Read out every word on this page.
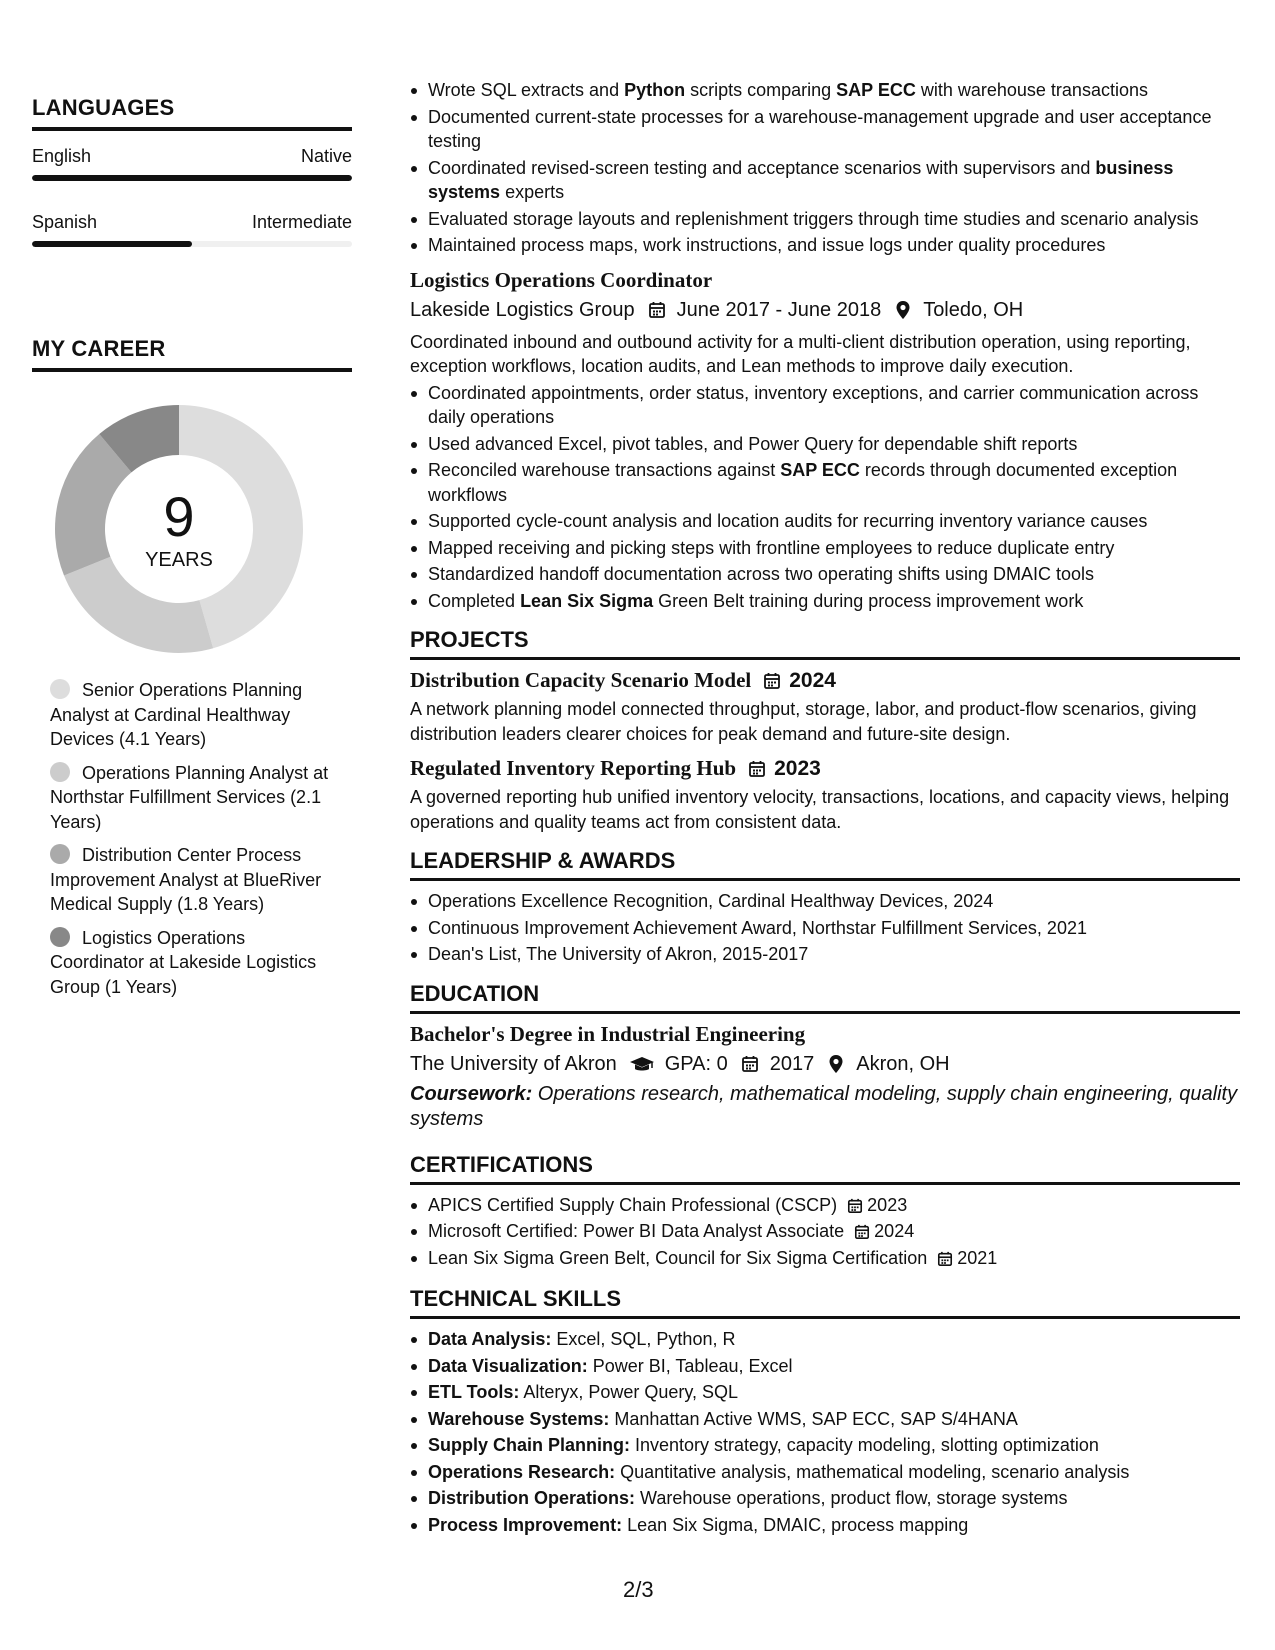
LANGUAGES
English	Native
Spanish	Intermediate
MY CAREER
9
YEARS
Senior Operations Planning Analyst at Cardinal Healthway Devices (4.1 Years)
Operations Planning Analyst at Northstar Fulfillment Services (2.1 Years)
Distribution Center Process Improvement Analyst at BlueRiver Medical Supply (1.8 Years)
Logistics Operations Coordinator at Lakeside Logistics Group (1 Years)
Wrote SQL extracts and Python scripts comparing SAP ECC with warehouse transactions
Documented current-state processes for a warehouse-management upgrade and user acceptance testing
Coordinated revised-screen testing and acceptance scenarios with supervisors and business systems experts
Evaluated storage layouts and replenishment triggers through time studies and scenario analysis
Maintained process maps, work instructions, and issue logs under quality procedures
Logistics Operations Coordinator
Lakeside Logistics Group June 2017 - June 2018 Toledo, OH
Coordinated inbound and outbound activity for a multi-client distribution operation, using reporting, exception workflows, location audits, and Lean methods to improve daily execution.
Coordinated appointments, order status, inventory exceptions, and carrier communication across daily operations
Used advanced Excel, pivot tables, and Power Query for dependable shift reports
Reconciled warehouse transactions against SAP ECC records through documented exception workflows
Supported cycle-count analysis and location audits for recurring inventory variance causes
Mapped receiving and picking steps with frontline employees to reduce duplicate entry
Standardized handoff documentation across two operating shifts using DMAIC tools
Completed Lean Six Sigma Green Belt training during process improvement work
PROJECTS
Distribution Capacity Scenario Model 2024
A network planning model connected throughput, storage, labor, and product-flow scenarios, giving distribution leaders clearer choices for peak demand and future-site design.
Regulated Inventory Reporting Hub 2023
A governed reporting hub unified inventory velocity, transactions, locations, and capacity views, helping operations and quality teams act from consistent data.
LEADERSHIP & AWARDS
Operations Excellence Recognition, Cardinal Healthway Devices, 2024
Continuous Improvement Achievement Award, Northstar Fulfillment Services, 2021
Dean's List, The University of Akron, 2015-2017
EDUCATION
Bachelor's Degree in Industrial Engineering
The University of Akron GPA: 0 2017 Akron, OH
Coursework: Operations research, mathematical modeling, supply chain engineering, quality systems
CERTIFICATIONS
APICS Certified Supply Chain Professional (CSCP) 2023
Microsoft Certified: Power BI Data Analyst Associate 2024
Lean Six Sigma Green Belt, Council for Six Sigma Certification 2021
TECHNICAL SKILLS
Data Analysis: Excel, SQL, Python, R
Data Visualization: Power BI, Tableau, Excel
ETL Tools: Alteryx, Power Query, SQL
Warehouse Systems: Manhattan Active WMS, SAP ECC, SAP S/4HANA
Supply Chain Planning: Inventory strategy, capacity modeling, slotting optimization
Operations Research: Quantitative analysis, mathematical modeling, scenario analysis
Distribution Operations: Warehouse operations, product flow, storage systems
Process Improvement: Lean Six Sigma, DMAIC, process mapping
2/3
